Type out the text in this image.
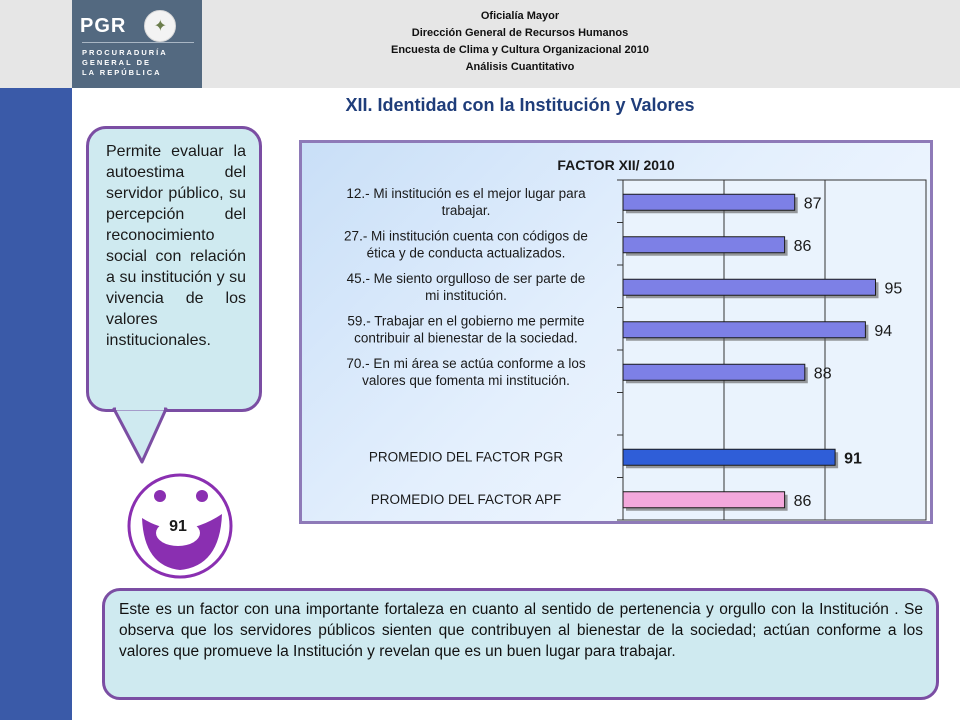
PGR	✦
PROCURADURÍA
GENERAL DE
LA REPÚBLICA
Oficialía Mayor
Dirección General de Recursos Humanos
Encuesta de Clima y Cultura Organizacional 2010
Análisis Cuantitativo
XII. Identidad con la Institución y Valores
Permite evaluar la autoestima del servidor público, su percepción del reconocimiento social con relación a su institución y su vivencia de los valores institucionales.
91
FACTOR XII/ 2010
12.- Mi institución es el mejor lugar para
trabajar.	87
27.- Mi institución cuenta con códigos de
ética y de conducta actualizados.	86
45.- Me siento orgulloso de ser parte de
mi institución.	95
59.- Trabajar en el gobierno me permite
contribuir al bienestar de la sociedad.	94
70.- En mi área se actúa conforme a los
valores que fomenta mi institución.	88
PROMEDIO DEL FACTOR PGR	91
PROMEDIO DEL FACTOR APF	86
Este es un factor con una importante fortaleza en cuanto al sentido de pertenencia y orgullo con la Institución . Se observa que los servidores públicos sienten que contribuyen al bienestar de la sociedad; actúan conforme a los valores que promueve la Institución y revelan que es un buen lugar para trabajar.
